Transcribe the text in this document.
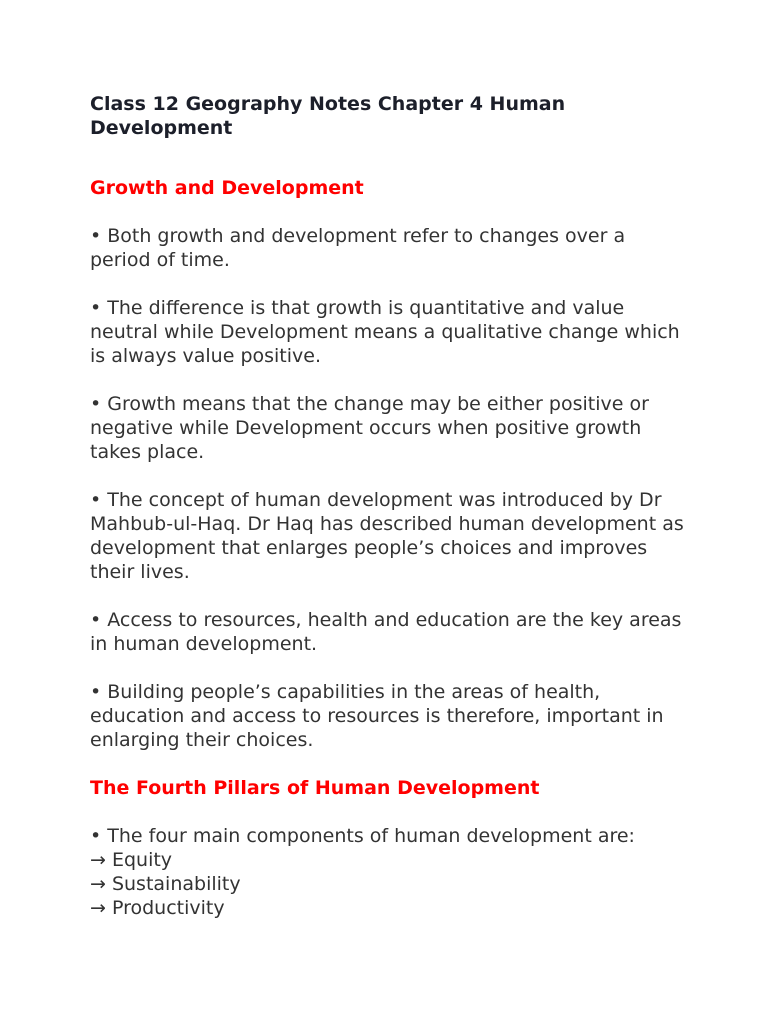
Class 12 Geography Notes Chapter 4 Human Development
Growth and Development

• Both growth and development refer to changes over a period of time.

• The difference is that growth is quantitative and value neutral while Development means a qualitative change which is always value positive.

• Growth means that the change may be either positive or negative while Development occurs when positive growth takes place.

• The concept of human development was introduced by Dr Mahbub-ul-Haq. Dr Haq has described human development as development that enlarges people’s choices and improves their lives.

• Access to resources, health and education are the key areas in human development.

• Building people’s capabilities in the areas of health, education and access to resources is therefore, important in enlarging their choices.

The Fourth Pillars of Human Development

• The four main components of human development are:

→ Equity

→ Sustainability

→ Productivity
